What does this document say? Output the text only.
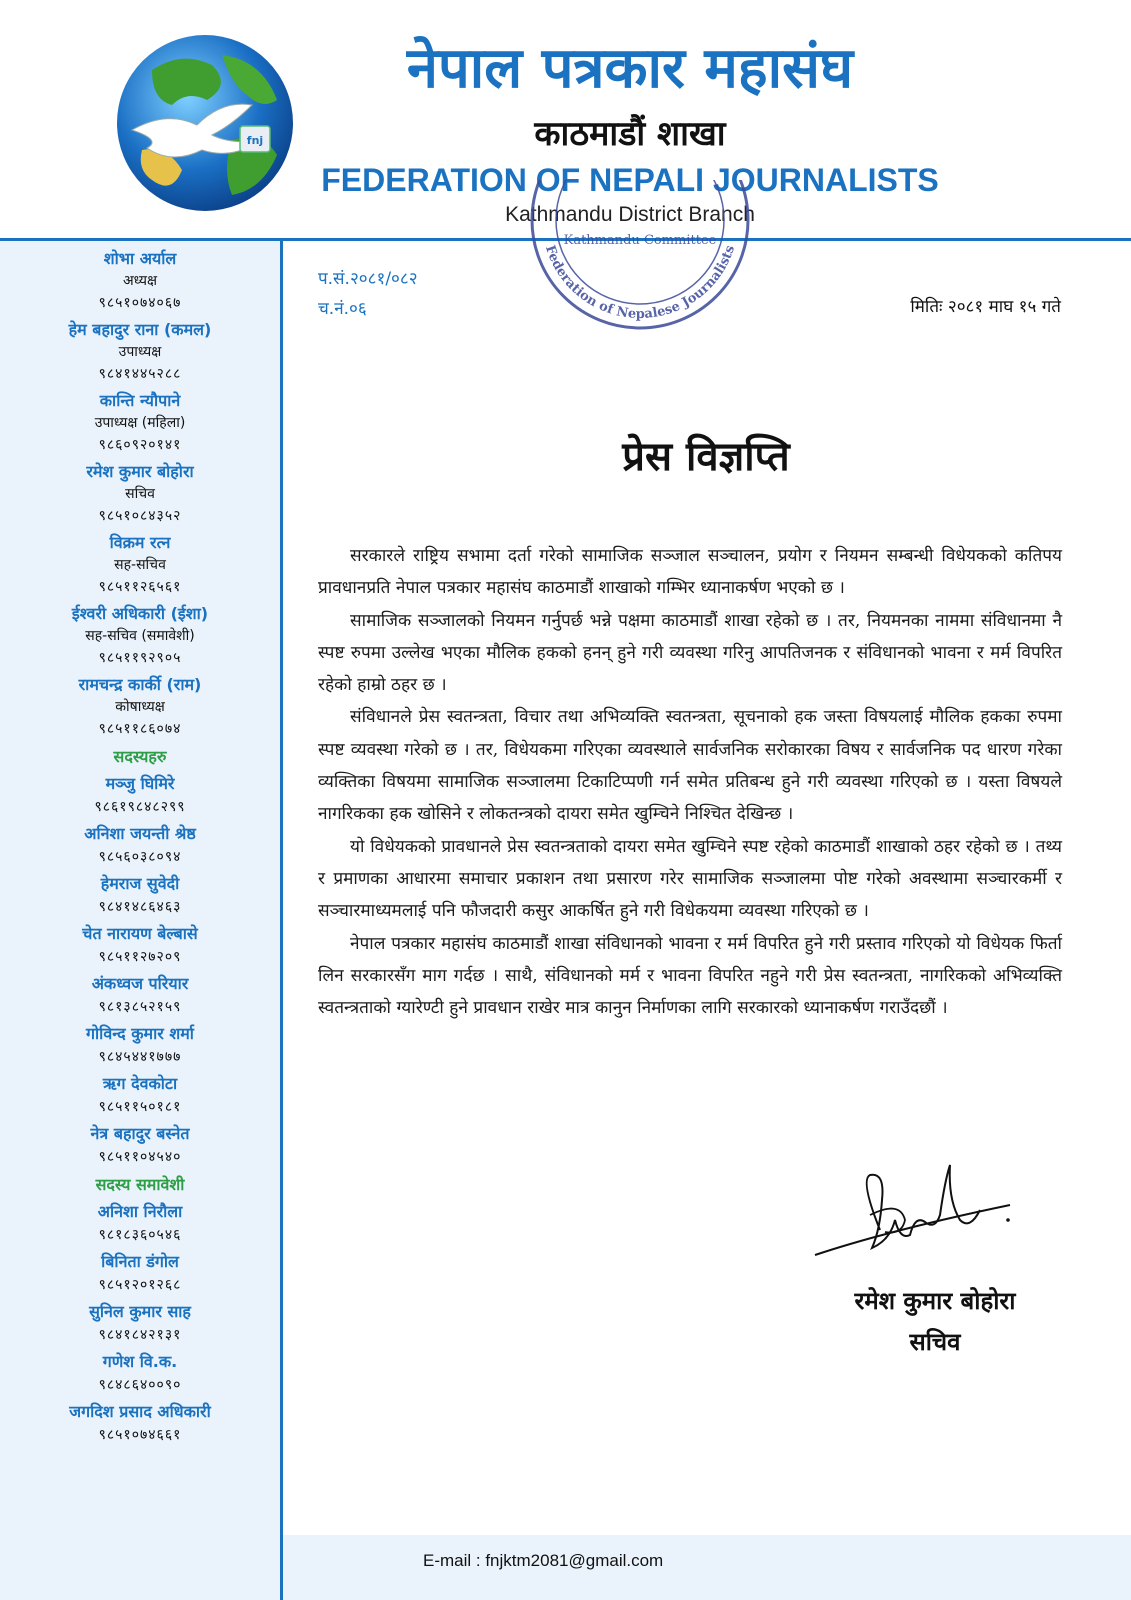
fnj
नेपाल पत्रकार महासंघ
काठमाडौं शाखा
FEDERATION OF NEPALI JOURNALISTS
Kathmandu District Branch
Kathmandu Committee
Federation of Nepalese Journalists
शोभा अर्याल
अध्यक्ष
९८५१०७४०६७
हेम बहादुर राना (कमल)
उपाध्यक्ष
९८४१४४५२८८
कान्ति न्यौपाने
उपाध्यक्ष (महिला)
९८६०९२०१४१
रमेश कुमार बोहोरा
सचिव
९८५१०८४३५२
विक्रम रत्न
सह-सचिव
९८५११२६५६१
ईश्वरी अधिकारी (ईशा)
सह-सचिव (समावेशी)
९८५११९२९०५
रामचन्द्र कार्की (राम)
कोषाध्यक्ष
९८५११८६०७४
सदस्यहरु
मञ्जु घिमिरे
९८६१९८४८२९९
अनिशा जयन्ती श्रेष्ठ
९८५६०३८०९४
हेमराज सुवेदी
९८४१४८६४६३
चेत नारायण बेल्बासे
९८५११२७२०९
अंकध्वज परियार
९८१३८५२१५९
गोविन्द कुमार शर्मा
९८४५४४१७७७
ऋग देवकोटा
९८५११५०१८१
नेत्र बहादुर बस्नेत
९८५११०४५४०
सदस्य समावेशी
अनिशा निरौला
९८१८३६०५४६
बिनिता डंगोल
९८५१२०१२६८
सुनिल कुमार साह
९८४१८४२१३१
गणेश वि.क.
९८४८६४००९०
जगदिश प्रसाद अधिकारी
९८५१०७४६६१
प.सं.२०८१/०८२
च.नं.०६	मितिः २०८१ माघ १५ गते
प्रेस विज्ञप्ति

सरकारले राष्ट्रिय सभामा दर्ता गरेको सामाजिक सञ्जाल सञ्चालन, प्रयोग र नियमन सम्बन्धी विधेयकको कतिपय प्रावधानप्रति नेपाल पत्रकार महासंघ काठमाडौं शाखाको गम्भिर ध्यानाकर्षण भएको छ ।

सामाजिक सञ्जालको नियमन गर्नुपर्छ भन्ने पक्षमा काठमाडौं शाखा रहेको छ । तर, नियमनका नाममा संविधानमा नै स्पष्ट रुपमा उल्लेख भएका मौलिक हकको हनन् हुने गरी व्यवस्था गरिनु आपतिजनक र संविधानको भावना र मर्म विपरित रहेको हाम्रो ठहर छ ।

संविधानले प्रेस स्वतन्त्रता, विचार तथा अभिव्यक्ति स्वतन्त्रता, सूचनाको हक जस्ता विषयलाई मौलिक हकका रुपमा स्पष्ट व्यवस्था गरेको छ । तर, विधेयकमा गरिएका व्यवस्थाले सार्वजनिक सरोकारका विषय र सार्वजनिक पद धारण गरेका व्यक्तिका विषयमा सामाजिक सञ्जालमा टिकाटिप्पणी गर्न समेत प्रतिबन्ध हुने गरी व्यवस्था गरिएको छ । यस्ता विषयले नागरिकका हक खोसिने र लोकतन्त्रको दायरा समेत खुम्चिने निश्चित देखिन्छ ।

यो विधेयकको प्रावधानले प्रेस स्वतन्त्रताको दायरा समेत खुम्चिने स्पष्ट रहेको काठमाडौं शाखाको ठहर रहेको छ । तथ्य र प्रमाणका आधारमा समाचार प्रकाशन तथा प्रसारण गरेर सामाजिक सञ्जालमा पोष्ट गरेको अवस्थामा सञ्चारकर्मी र सञ्चारमाध्यमलाई पनि फौजदारी कसुर आकर्षित हुने गरी विधेकयमा व्यवस्था गरिएको छ ।

नेपाल पत्रकार महासंघ काठमाडौं शाखा संविधानको भावना र मर्म विपरित हुने गरी प्रस्ताव गरिएको यो विधेयक फिर्ता लिन सरकारसँग माग गर्दछ । साथै, संविधानको मर्म र भावना विपरित नहुने गरी प्रेस स्वतन्त्रता, नागरिकको अभिव्यक्ति स्वतन्त्रताको ग्यारेण्टी हुने प्रावधान राखेर मात्र कानुन निर्माणका लागि सरकारको ध्यानाकर्षण गराउँदछौं ।

रमेश कुमार बोहोरा
सचिव
E-mail : fnjktm2081@gmail.com
